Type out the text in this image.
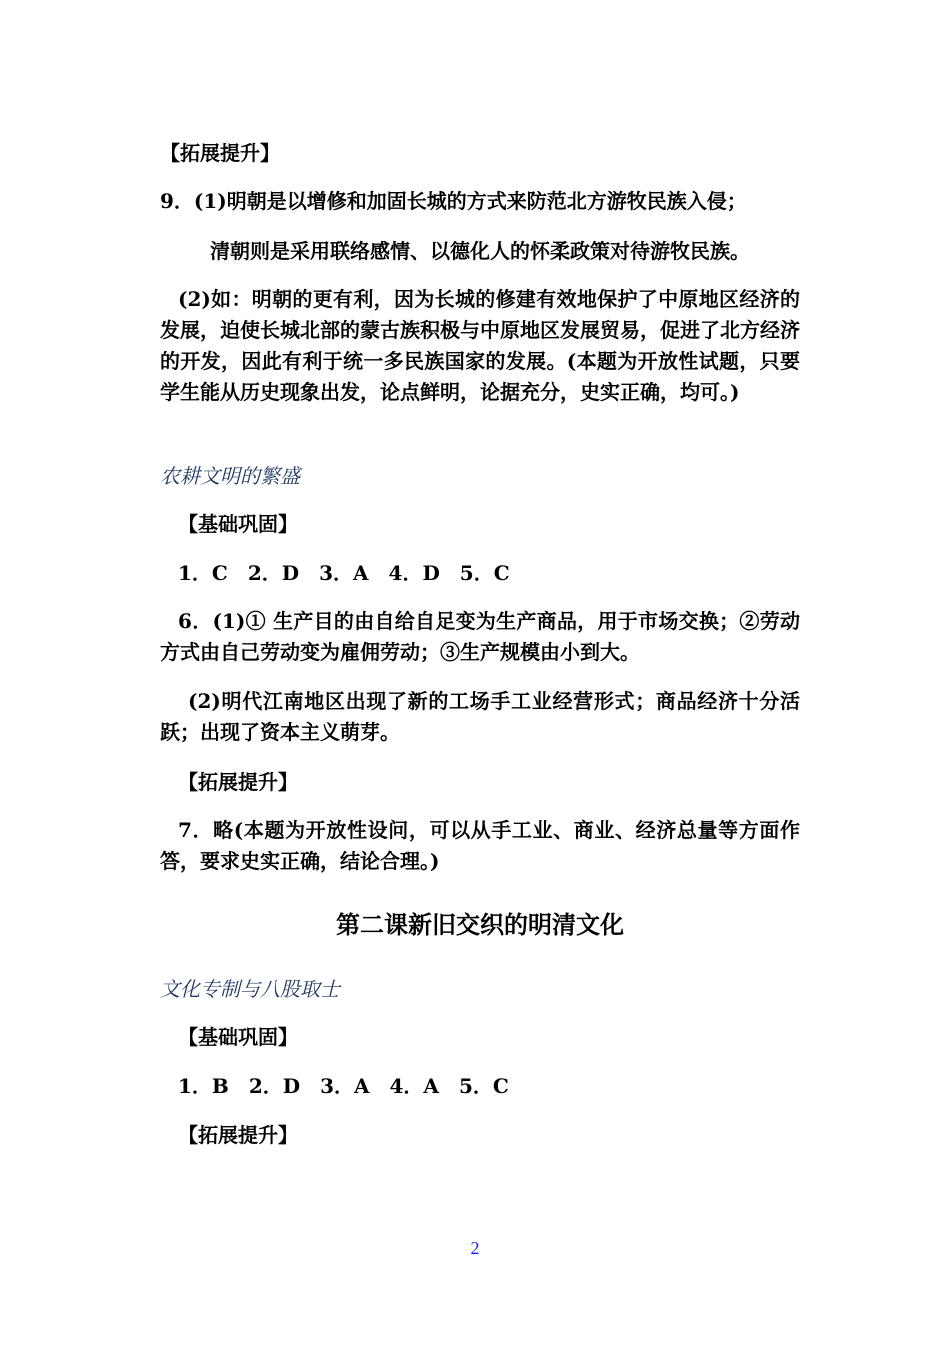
【拓展提升】

9．(1)明朝是以增修和加固长城的方式来防范北方游牧民族入侵；

清朝则是采用联络感情、以德化人的怀柔政策对待游牧民族。

(2)如：明朝的更有利，因为长城的修建有效地保护了中原地区经济的发展，迫使长城北部的蒙古族积极与中原地区发展贸易，促进了北方经济的开发，因此有利于统一多民族国家的发展。(本题为开放性试题，只要学生能从历史现象出发，论点鲜明，论据充分，史实正确，均可。)

农耕文明的繁盛

【基础巩固】

1．C　2．D　3．A　4．D　5．C

6．(1)① 生产目的由自给自足变为生产商品，用于市场交换；②劳动方式由自己劳动变为雇佣劳动；③生产规模由小到大。

(2)明代江南地区出现了新的工场手工业经营形式；商品经济十分活跃；出现了资本主义萌芽。

【拓展提升】

7．略(本题为开放性设问，可以从手工业、商业、经济总量等方面作答，要求史实正确，结论合理。)

第二课新旧交织的明清文化

文化专制与八股取士

【基础巩固】

1．B　2．D　3．A　4．A　5．C

【拓展提升】

2
